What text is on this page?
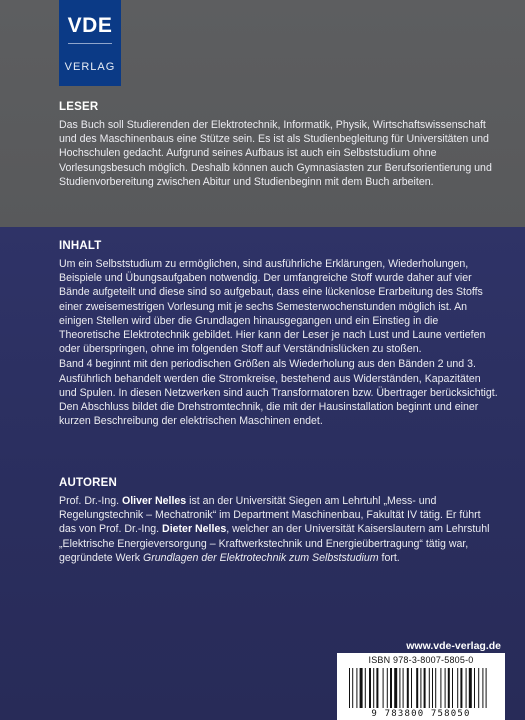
VDE
VERLAG
LESER

Das Buch soll Studierenden der Elektrotechnik, Informatik, Physik, Wirtschaftswissenschaft und des Maschinenbaus eine Stütze sein. Es ist als Studienbegleitung für Universitäten und Hochschulen gedacht. Aufgrund seines Aufbaus ist auch ein Selbststudium ohne Vorlesungsbesuch möglich. Deshalb können auch Gymnasiasten zur Berufsorientierung und Studienvorbereitung zwischen Abitur und Studienbeginn mit dem Buch arbeiten.

INHALT

Um ein Selbststudium zu ermöglichen, sind ausführliche Erklärungen, Wiederholungen, Beispiele und Übungsaufgaben notwendig. Der umfangreiche Stoff wurde daher auf vier Bände aufgeteilt und diese sind so aufgebaut, dass eine lückenlose Erarbeitung des Stoffs einer zweisemestrigen Vorlesung mit je sechs Semesterwochenstunden möglich ist. An einigen Stellen wird über die Grundlagen hinausgegangen und ein Einstieg in die Theoretische Elektrotechnik gebildet. Hier kann der Leser je nach Lust und Laune vertiefen oder überspringen, ohne im folgenden Stoff auf Verständnislücken zu stoßen.

Band 4 beginnt mit den periodischen Größen als Wiederholung aus den Bänden 2 und 3. Ausführlich behandelt werden die Stromkreise, bestehend aus Widerständen, Kapazitäten und Spulen. In diesen Netzwerken sind auch Transformatoren bzw. Übertrager berücksichtigt. Den Abschluss bildet die Drehstromtechnik, die mit der Hausinstallation beginnt und einer kurzen Beschreibung der elektrischen Maschinen endet.

AUTOREN

Prof. Dr.-Ing. Oliver Nelles ist an der Universität Siegen am Lehrtuhl „Mess- und Regelungstechnik – Mechatronik“ im Department Maschinenbau, Fakultät IV tätig. Er führt das von Prof. Dr.-Ing. Dieter Nelles, welcher an der Universität Kaiserslautern am Lehrstuhl „Elektrische Energieversorgung – Kraftwerkstechnik und Energieübertragung“ tätig war, gegründete Werk Grundlagen der Elektrotechnik zum Selbststudium fort.

www.vde-verlag.de
ISBN 978-3-8007-5805-0
9 783800 758050
